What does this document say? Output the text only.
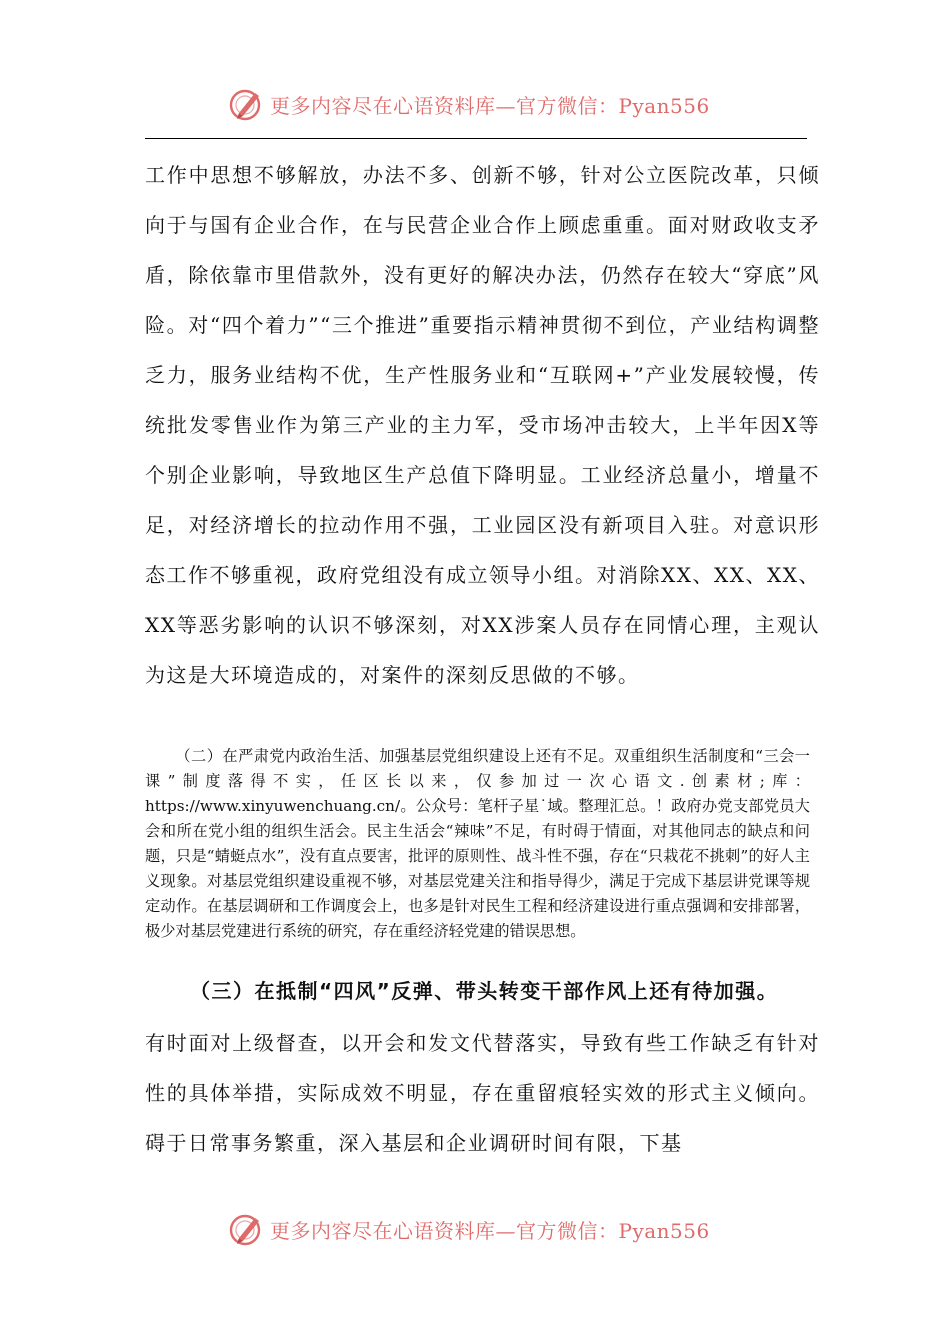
更多内容尽在心语资料库—官方微信：Pyan556
工作中思想不够解放，办法不多、创新不够，针对公立医院改革，只倾向于与国有企业合作，在与民营企业合作上顾虑重重。面对财政收支矛盾，除依靠市里借款外，没有更好的解决办法，仍然存在较大“穿底”风险。对“四个着力”“三个推进”重要指示精神贯彻不到位，产业结构调整乏力，服务业结构不优，生产性服务业和“互联网+”产业发展较慢，传统批发零售业作为第三产业的主力军，受市场冲击较大，上半年因X等个别企业影响，导致地区生产总值下降明显。工业经济总量小，增量不足，对经济增长的拉动作用不强，工业园区没有新项目入驻。对意识形态工作不够重视，政府党组没有成立领导小组。对消除XX、XX、XX、XX等恶劣影响的认识不够深刻，对XX涉案人员存在同情心理，主观认为这是大环境造成的，对案件的深刻反思做的不够。
（二）在严肃党内政治生活、加强基层党组织建设上还有不足。双重组织生活制度和“三会一课”制度落得不实，任区长以来，仅参加过一次心语文.创素材;库：https://www.xinyuwenchuang.cn/。公众号：笔杆子星˙域。整理汇总。！政府办党支部党员大会和所在党小组的组织生活会。民主生活会“辣味”不足，有时碍于情面，对其他同志的缺点和问题，只是“蜻蜓点水”，没有直点要害，批评的原则性、战斗性不强，存在“只栽花不挑刺”的好人主义现象。对基层党组织建设重视不够，对基层党建关注和指导得少，满足于完成下基层讲党课等规定动作。在基层调研和工作调度会上，也多是针对民生工程和经济建设进行重点强调和安排部署，极少对基层党建进行系统的研究，存在重经济轻党建的错误思想。
（三）在抵制“四风”反弹、带头转变干部作风上还有待加强。
有时面对上级督查，以开会和发文代替落实，导致有些工作缺乏有针对性的具体举措，实际成效不明显，存在重留痕轻实效的形式主义倾向。碍于日常事务繁重，深入基层和企业调研时间有限，下基
更多内容尽在心语资料库—官方微信：Pyan556
